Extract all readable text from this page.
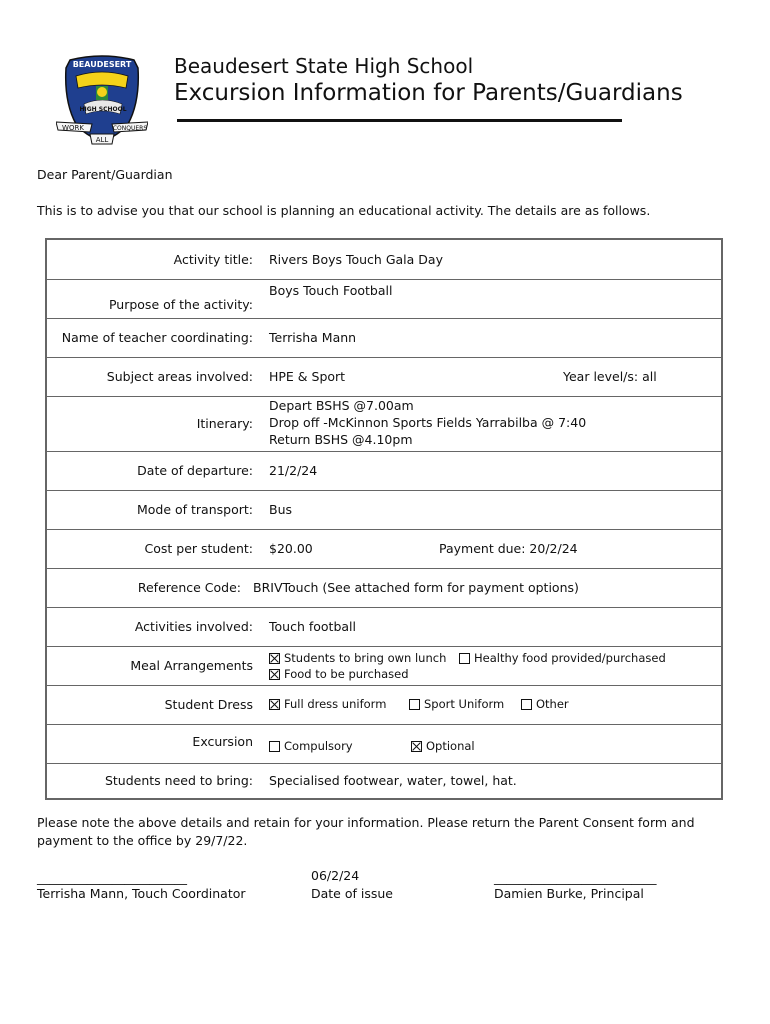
BEAUDESERT
HIGH SCHOOL
WORK	CONQUERS
ALL
Beaudesert State High School
Excursion Information for Parents/Guardians
Dear Parent/Guardian
This is to advise you that our school is planning an educational activity. The details are as follows.
Activity title: Rivers Boys Touch Gala Day
Purpose of the activity:
Boys Touch Football
Name of teacher coordinating: Terrisha Mann
Subject areas involved: HPE & Sport	Year level/s: all
Itinerary:
Depart BSHS @7.00am
Drop off -McKinnon Sports Fields Yarrabilba @ 7:40
Return BSHS @4.10pm
Date of departure: 21/2/24
Mode of transport: Bus
Cost per student: $20.00	Payment due: 20/2/24
Reference Code: BRIVTouch (See attached form for payment options)
Activities involved: Touch football
Meal Arrangements	Students to bring own lunch	Healthy food provided/purchased
Food to be purchased
Student Dress	Full dress uniform	Sport Uniform	Other
Excursion	Compulsory	Optional
Students need to bring: Specialised footwear, water, towel, hat.
Please note the above details and retain for your information. Please return the Parent Consent form and
payment to the office by 29/7/22.
________________________
Terrisha Mann, Touch Coordinator
06/2/24
Date of issue
__________________________
Damien Burke, Principal
